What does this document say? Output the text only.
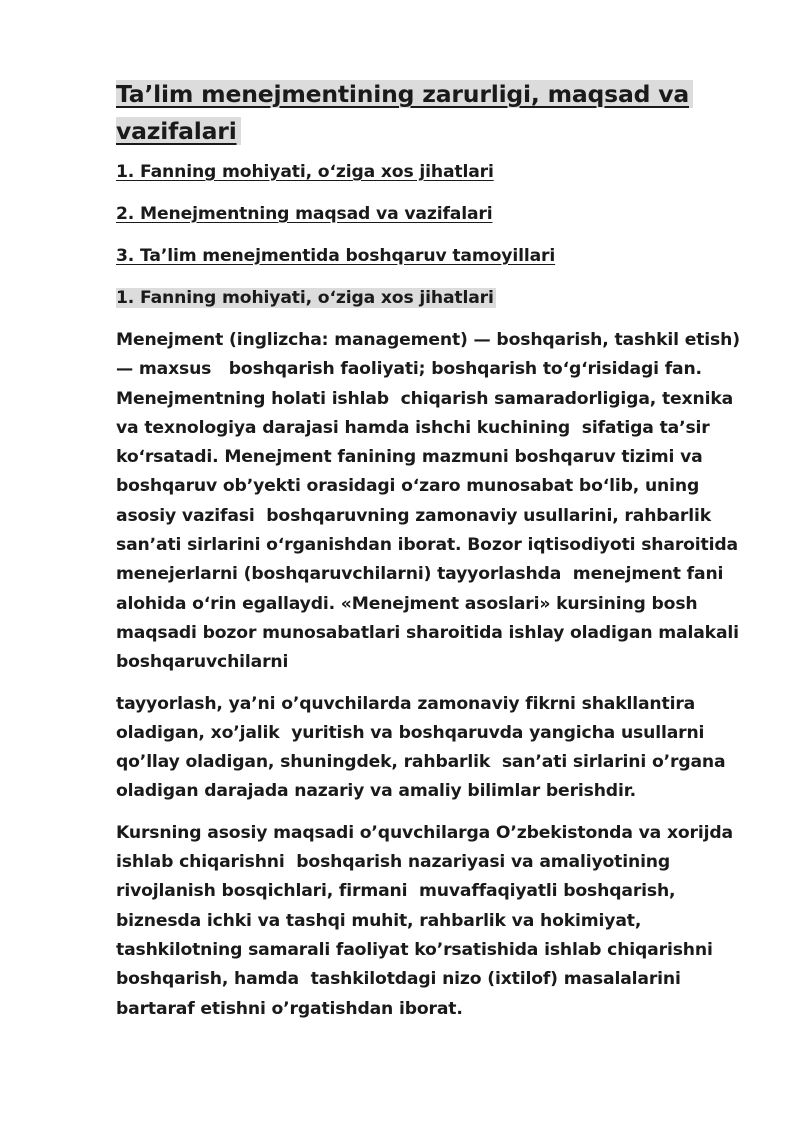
Ta’lim menejmentining zarurligi, maqsad va
vazifalari
1. Fanning mohiyati, oʻziga xos jihatlari
2. Menejmentning maqsad va vazifalari
3. Ta’lim menejmentida boshqaruv tamoyillari
1. Fanning mohiyati, oʻziga xos jihatlari

Menejment (inglizcha: management) — boshqarish, tashkil etish)
— maxsus   boshqarish faoliyati; boshqarish toʻgʻrisidagi fan.
Menejmentning holati ishlab  chiqarish samaradorligiga, texnika
va texnologiya darajasi hamda ishchi kuchining  sifatiga taʼsir
koʻrsatadi. Menejment fanining mazmuni boshqaruv tizimi va
boshqaruv obʼyekti orasidagi oʻzaro munosabat boʻlib, uning
asosiy vazifasi  boshqaruvning zamonaviy usullarini, rahbarlik
sanʼati sirlarini oʻrganishdan iborat. Bozor iqtisodiyoti sharoitida
menejerlarni (boshqaruvchilarni) tayyorlashda  menejment fani
alohida oʻrin egallaydi. «Menejment asoslari» kursining bosh
maqsadi bozor munosabatlari sharoitida ishlay oladigan malakali
boshqaruvchilarni

tayyorlash, ya’ni o’quvchilarda zamonaviy fikrni shakllantira
oladigan, xo’jalik  yuritish va boshqaruvda yangicha usullarni
qo’llay oladigan, shuningdek, rahbarlik  san’ati sirlarini o’rgana
oladigan darajada nazariy va amaliy bilimlar berishdir.

Kursning asosiy maqsadi o’quvchilarga O’zbekistonda va xorijda
ishlab chiqarishni  boshqarish nazariyasi va amaliyotining
rivojlanish bosqichlari, firmani  muvaffaqiyatli boshqarish,
biznesda ichki va tashqi muhit, rahbarlik va hokimiyat,
tashkilotning samarali faoliyat ko’rsatishida ishlab chiqarishni
boshqarish, hamda  tashkilotdagi nizo (ixtilof) masalalarini
bartaraf etishni o’rgatishdan iborat.
